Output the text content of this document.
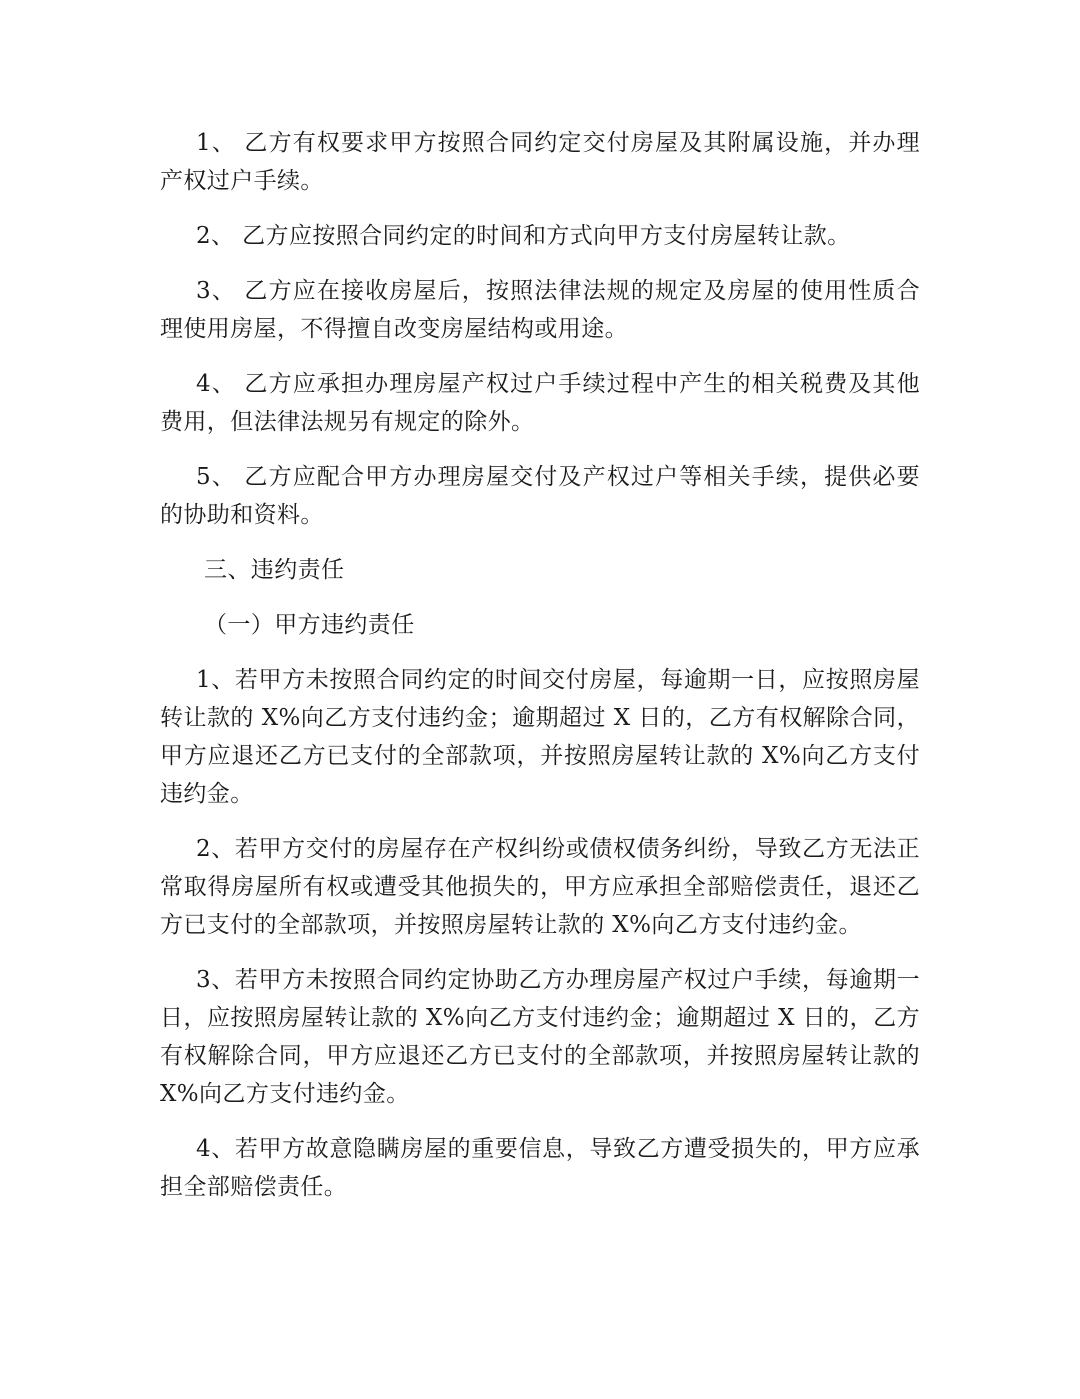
1、 乙方有权要求甲方按照合同约定交付房屋及其附属设施，并办理产权过户手续。

2、 乙方应按照合同约定的时间和方式向甲方支付房屋转让款。

3、 乙方应在接收房屋后，按照法律法规的规定及房屋的使用性质合理使用房屋，不得擅自改变房屋结构或用途。

4、 乙方应承担办理房屋产权过户手续过程中产生的相关税费及其他费用，但法律法规另有规定的除外。

5、 乙方应配合甲方办理房屋交付及产权过户等相关手续，提供必要的协助和资料。

三、违约责任

（一）甲方违约责任

1、若甲方未按照合同约定的时间交付房屋，每逾期一日，应按照房屋转让款的 X%向乙方支付违约金；逾期超过 X 日的，乙方有权解除合同，甲方应退还乙方已支付的全部款项，并按照房屋转让款的 X%向乙方支付违约金。

2、若甲方交付的房屋存在产权纠纷或债权债务纠纷，导致乙方无法正常取得房屋所有权或遭受其他损失的，甲方应承担全部赔偿责任，退还乙方已支付的全部款项，并按照房屋转让款的 X%向乙方支付违约金。

3、若甲方未按照合同约定协助乙方办理房屋产权过户手续，每逾期一日，应按照房屋转让款的 X%向乙方支付违约金；逾期超过 X 日的，乙方有权解除合同，甲方应退还乙方已支付的全部款项，并按照房屋转让款的 X%向乙方支付违约金。

4、若甲方故意隐瞒房屋的重要信息，导致乙方遭受损失的，甲方应承担全部赔偿责任。
